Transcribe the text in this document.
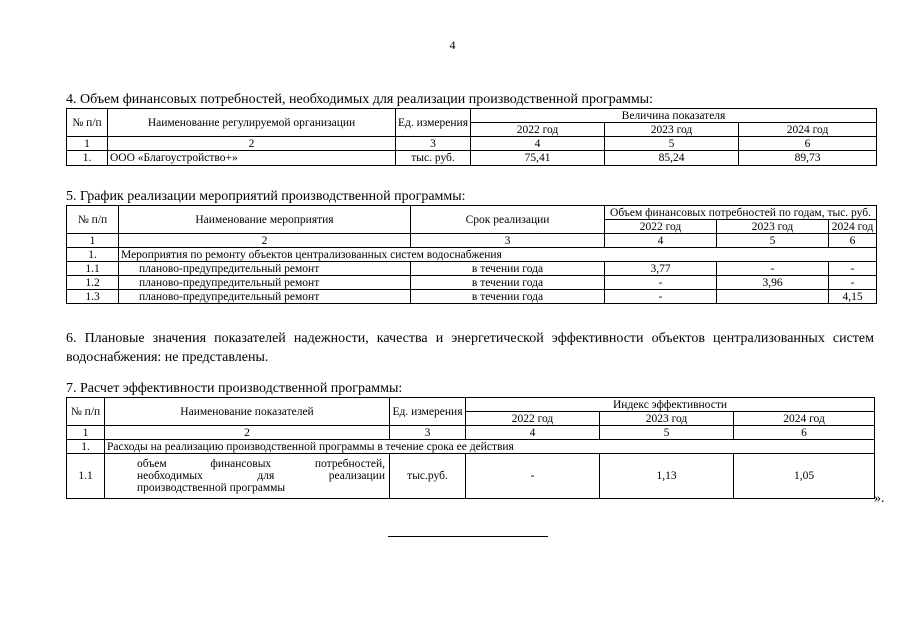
4
4. Объем финансовых потребностей, необходимых для реализации производственной программы:
№ п/п	Наименование регулируемой организации	Ед. измерения	Величина показателя		
			2022 год	2023 год	2024 год
1	2	3	4	5	6
1.	ООО «Благоустройство+»	тыс. руб.	75,41	85,24	89,73
5. График реализации мероприятий производственной программы:
№ п/п	Наименование мероприятия	Срок реализации	Объем финансовых потребностей по годам, тыс. руб.		
			2022 год	2023 год	2024 год
1	2	3	4	5	6
1.	Мероприятия по ремонту объектов централизованных систем водоснабжения				
1.1	планово-предупредительный ремонт	в течении года	3,77	-	-
1.2	планово-предупредительный ремонт	в течении года	-	3,96	-
1.3	планово-предупредительный ремонт	в течении года	-		4,15
6. Плановые значения показателей надежности, качества и энергетической эффективности объектов централизованных систем водоснабжения: не представлены.
7. Расчет эффективности производственной программы:
№ п/п	Наименование показателей	Ед. измерения	Индекс эффективности		
			2022 год	2023 год	2024 год
1	2	3	4	5	6
1.	Расходы на реализацию производственной программы в течение срока ее действия				
1.1	объем финансовых потребностей,
необходимых для реализации
производственной программы	тыс.руб.	-	1,13	1,05
».
